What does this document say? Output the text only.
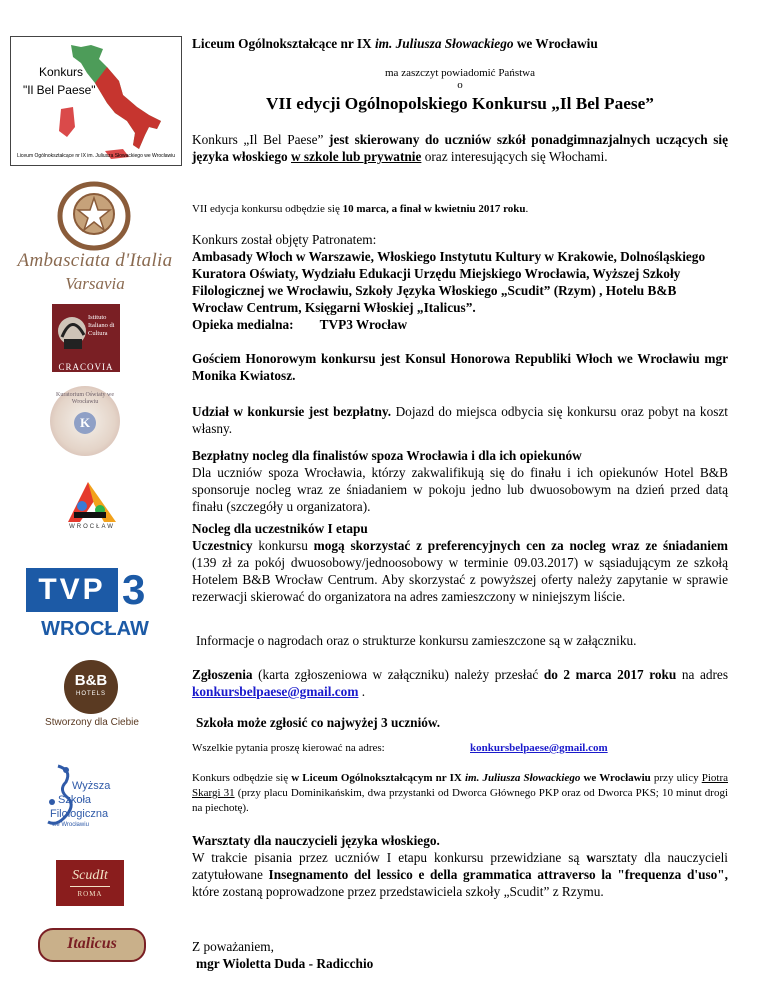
Konkurs
"Il Bel Paese"
Liceum Ogólnokształcące nr IX im. Juliusza Słowackiego we Wrocławiu
Ambasciata d'Italia
Varsavia
Istituto Italiano di Cultura
CRACOVIA
Kuratorium Oświaty we Wrocławiu
K
WROCŁAW
TVP 3
WROCŁAW
B&B
HOTELS
Stworzony dla Ciebie
Wyższa
Szkoła
Filologiczna
we Wrocławiu
ScudIt
ROMA
Italicus
Liceum Ogólnokształcące nr IX im. Juliusza Słowackiego we Wrocławiu
ma zaszczyt powiadomić Państwa
o
VII edycji Ogólnopolskiego Konkursu „Il Bel Paese”
Konkurs „Il Bel Paese” jest skierowany do uczniów szkół ponadgimnazjalnych uczących się języka włoskiego w szkole lub prywatnie oraz interesujących się Włochami.
VII edycja konkursu odbędzie się 10 marca, a finał w kwietniu 2017 roku.
Konkurs został objęty Patronatem:
Ambasady Włoch w Warszawie, Włoskiego Instytutu Kultury w Krakowie, Dolnośląskiego Kuratora Oświaty, Wydziału Edukacji Urzędu Miejskiego Wrocławia, Wyższej Szkoły Filologicznej we Wrocławiu, Szkoły Języka Włoskiego „Scudit” (Rzym) , Hotelu B&B Wrocław Centrum, Księgarni Włoskiej „Italicus”.
Opieka medialna: TVP3 Wrocław
Gościem Honorowym konkursu jest Konsul Honorowa Republiki Włoch we Wrocławiu mgr Monika Kwiatosz.
Udział w konkursie jest bezpłatny. Dojazd do miejsca odbycia się konkursu oraz pobyt na koszt własny.
Bezpłatny nocleg dla finalistów spoza Wrocławia i dla ich opiekunów
Dla uczniów spoza Wrocławia, którzy zakwalifikują się do finału i ich opiekunów Hotel B&B sponsoruje nocleg wraz ze śniadaniem w pokoju jedno lub dwuosobowym na dzień przed datą finału (szczegóły u organizatora).
Nocleg dla uczestników I etapu
Uczestnicy konkursu mogą skorzystać z preferencyjnych cen za nocleg wraz ze śniadaniem (139 zł za pokój dwuosobowy/jednoosobowy w terminie 09.03.2017) w sąsiadującym ze szkołą Hotelem B&B Wrocław Centrum. Aby skorzystać z powyższej oferty należy zapytanie w sprawie rezerwacji skierować do organizatora na adres zamieszczony w niniejszym liście.
Informacje o nagrodach oraz o strukturze konkursu zamieszczone są w załączniku.
Zgłoszenia (karta zgłoszeniowa w załączniku) należy przesłać do 2 marca 2017 roku na adres konkursbelpaese@gmail.com .
Szkoła może zgłosić co najwyżej 3 uczniów.
Wszelkie pytania proszę kierować na adres:	konkursbelpaese@gmail.com
Konkurs odbędzie się w Liceum Ogólnokształcącym nr IX im. Juliusza Słowackiego we Wrocławiu przy ulicy Piotra Skargi 31 (przy placu Dominikańskim, dwa przystanki od Dworca Głównego PKP oraz od Dworca PKS; 10 minut drogi na piechotę).
Warsztaty dla nauczycieli języka włoskiego.
W trakcie pisania przez uczniów I etapu konkursu przewidziane są warsztaty dla nauczycieli zatytułowane Insegnamento del lessico e della grammatica attraverso la "frequenza d'uso", które zostaną poprowadzone przez przedstawiciela szkoły „Scudit” z Rzymu.
Z poważaniem,
mgr Wioletta Duda - Radicchio
